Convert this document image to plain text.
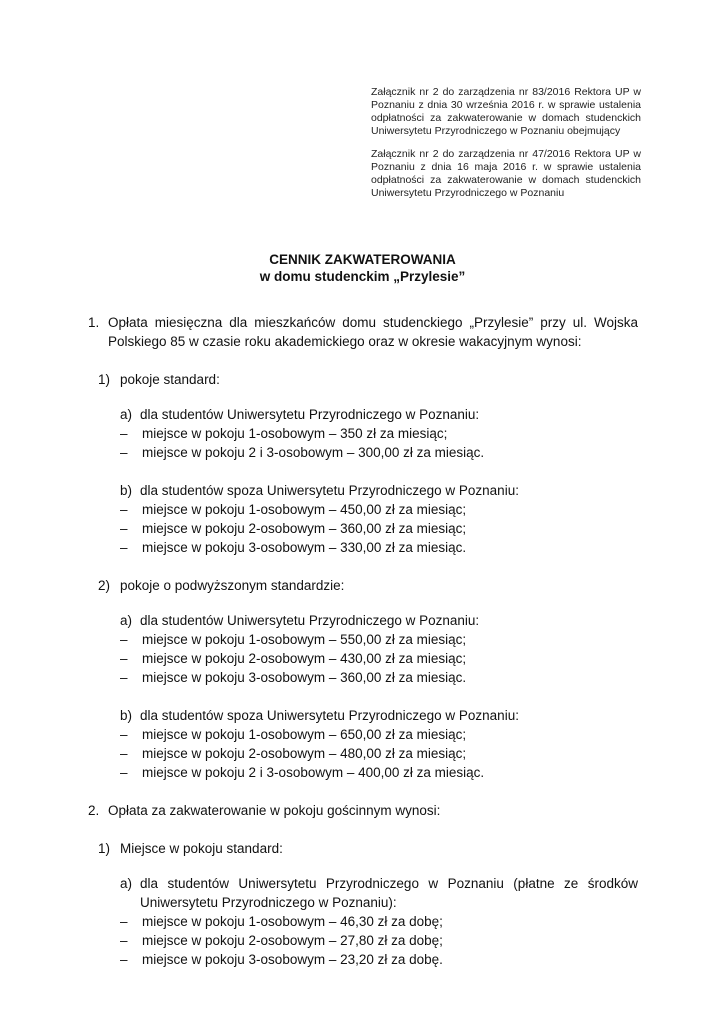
Załącznik nr 2 do zarządzenia nr 83/2016 Rektora UP w Poznaniu z dnia 30 września 2016 r. w sprawie ustalenia odpłatności za zakwaterowanie w domach studenckich Uniwersytetu Przyrodniczego w Poznaniu obejmujący

Załącznik nr 2 do zarządzenia nr 47/2016 Rektora UP w Poznaniu z dnia 16 maja 2016 r. w sprawie ustalenia odpłatności za zakwaterowanie w domach studenckich Uniwersytetu Przyrodniczego w Poznaniu

CENNIK ZAKWATEROWANIA
w domu studenckim „Przylesie”
1. Opłata miesięczna dla mieszkańców domu studenckiego „Przylesie” przy ul. Wojska Polskiego 85 w czasie roku akademickiego oraz w okresie wakacyjnym wynosi:
1) pokoje standard:
a) dla studentów Uniwersytetu Przyrodniczego w Poznaniu:
–	miejsce w pokoju 1-osobowym – 350 zł za miesiąc;
–	miejsce w pokoju 2 i 3-osobowym – 300,00 zł za miesiąc.
b) dla studentów spoza Uniwersytetu Przyrodniczego w Poznaniu:
–	miejsce w pokoju 1-osobowym – 450,00 zł za miesiąc;
–	miejsce w pokoju 2-osobowym – 360,00 zł za miesiąc;
–	miejsce w pokoju 3-osobowym – 330,00 zł za miesiąc.
2) pokoje o podwyższonym standardzie:
a) dla studentów Uniwersytetu Przyrodniczego w Poznaniu:
–	miejsce w pokoju 1-osobowym – 550,00 zł za miesiąc;
–	miejsce w pokoju 2-osobowym – 430,00 zł za miesiąc;
–	miejsce w pokoju 3-osobowym – 360,00 zł za miesiąc.
b) dla studentów spoza Uniwersytetu Przyrodniczego w Poznaniu:
–	miejsce w pokoju 1-osobowym – 650,00 zł za miesiąc;
–	miejsce w pokoju 2-osobowym – 480,00 zł za miesiąc;
–	miejsce w pokoju 2 i 3-osobowym – 400,00 zł za miesiąc.
2. Opłata za zakwaterowanie w pokoju gościnnym wynosi:
1) Miejsce w pokoju standard:
a) dla studentów Uniwersytetu Przyrodniczego w Poznaniu (płatne ze środków Uniwersytetu Przyrodniczego w Poznaniu):
–	miejsce w pokoju 1-osobowym – 46,30 zł za dobę;
–	miejsce w pokoju 2-osobowym – 27,80 zł za dobę;
–	miejsce w pokoju 3-osobowym – 23,20 zł za dobę.
